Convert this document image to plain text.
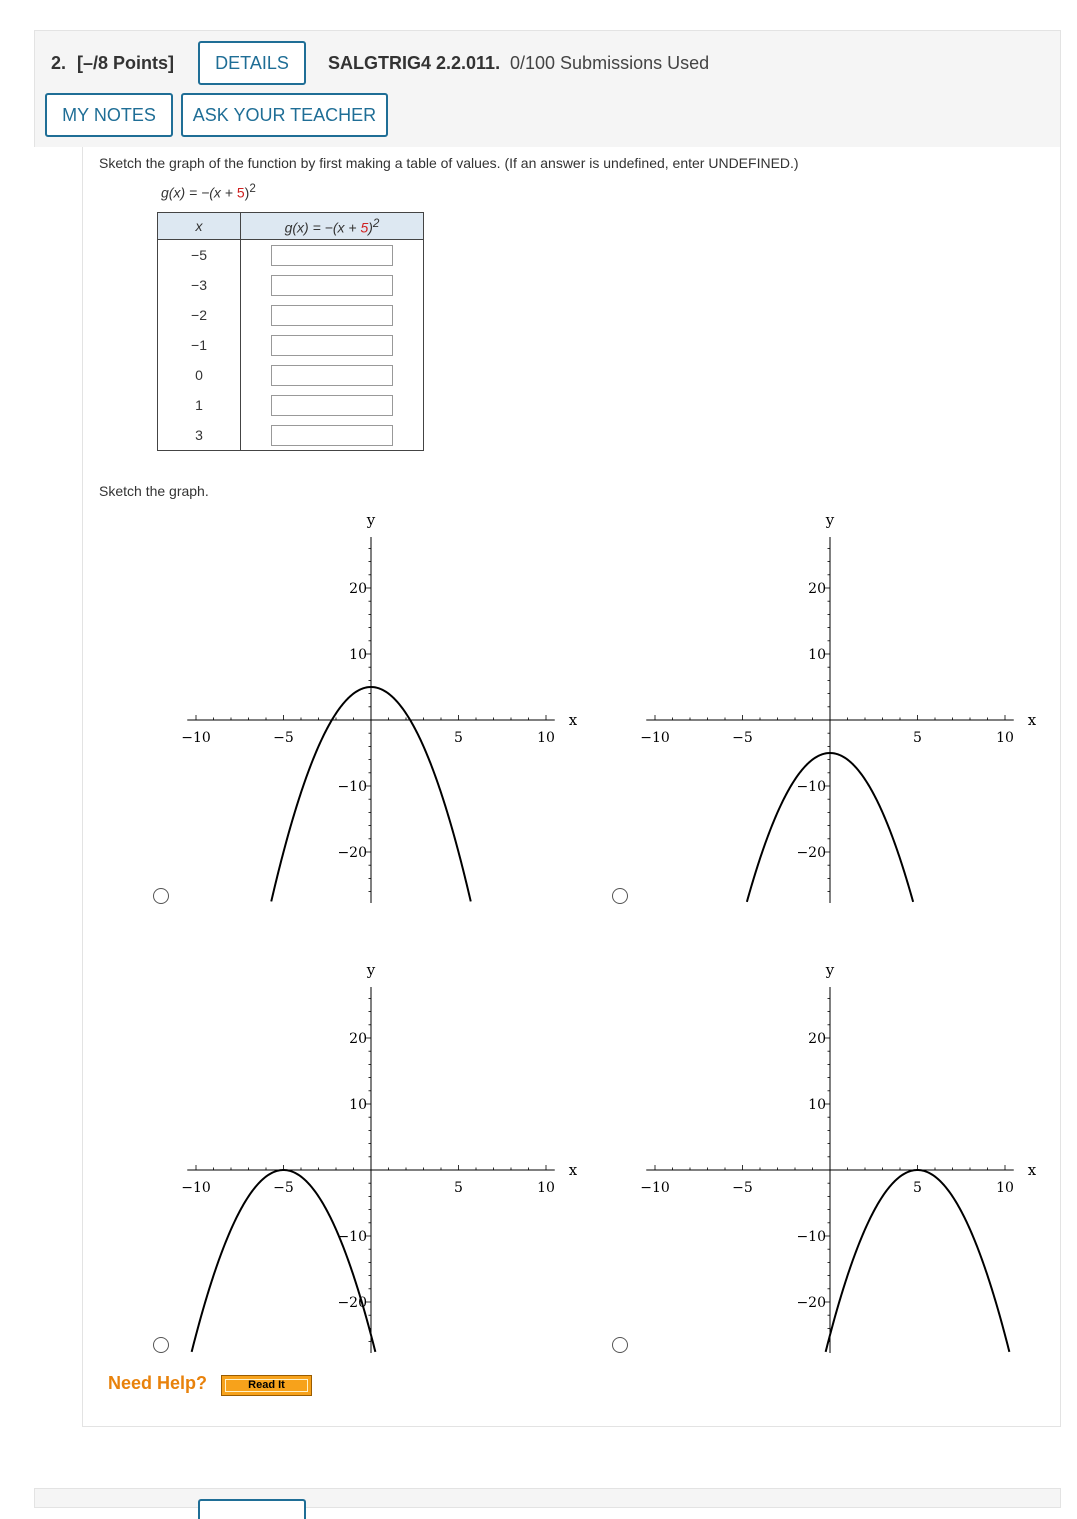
2. [–/8 Points]	DETAILS	SALGTRIG4 2.2.011. 0/100 Submissions Used
MY NOTES	ASK YOUR TEACHER
Sketch the graph of the function by first making a table of values. (If an answer is undefined, enter UNDEFINED.)
$g(x) = -(x + 5)^2$
x	$g(x) = -(x + 5)^2$
−5	
−3	
−2	
−1	
0	
1	
3	
Sketch the graph.
−10	−5	5	10
20
10
−10
−20
x
y
−10	−5	5	10
20
10
−10
−20
x
y
−10	−5	5	10
20
10
−10
−20
x
y
−10	−5	5	10
20
10
−10
−20
x
y
Need Help?	Read It
